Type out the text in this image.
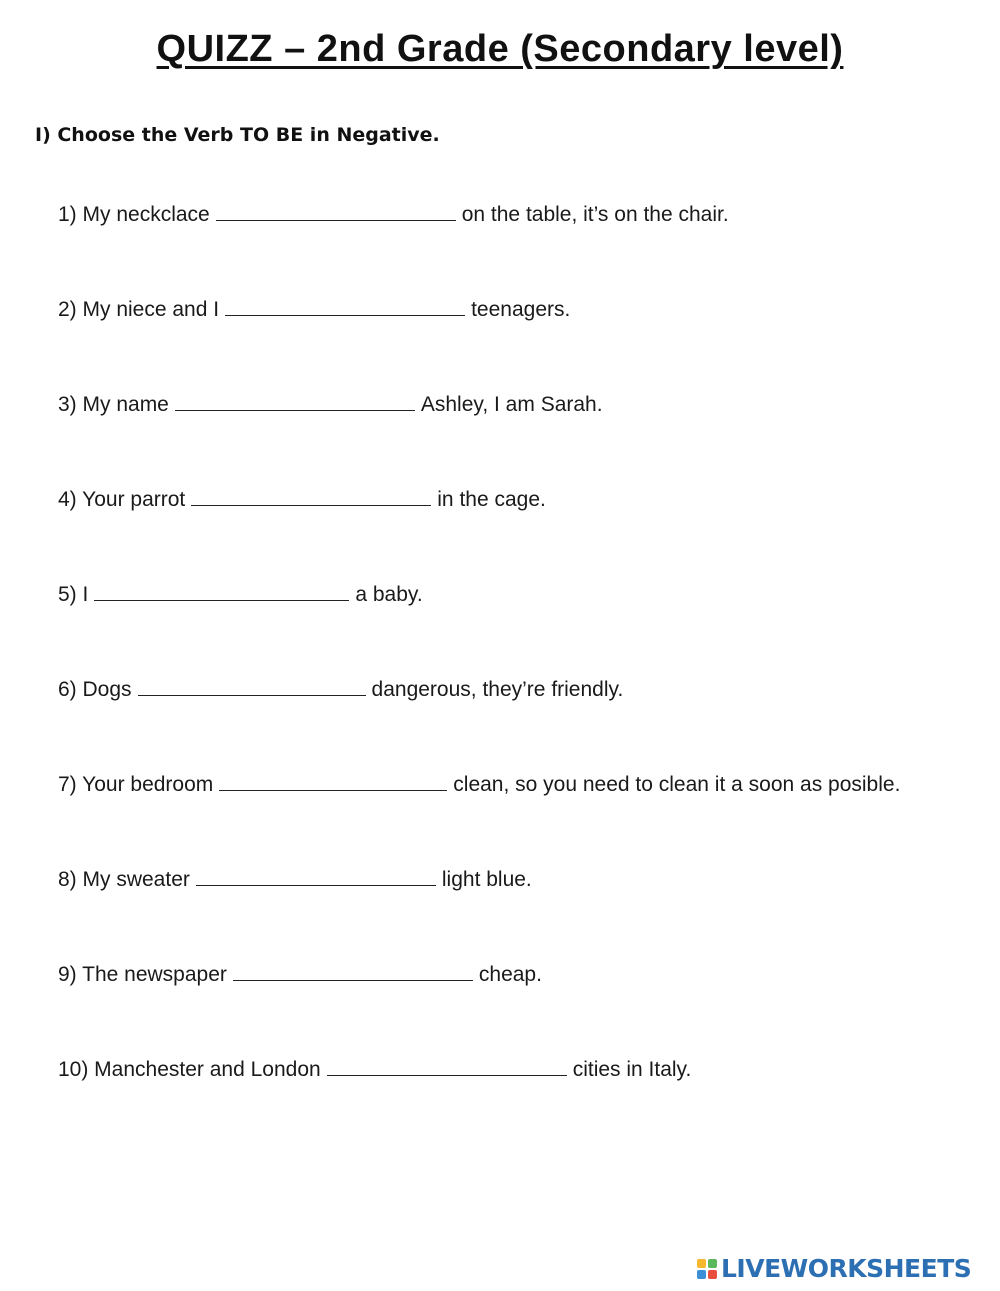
QUIZZ – 2nd Grade (Secondary level)
I) Choose the Verb TO BE in Negative.
1) My neckclace	on the table, it’s on the chair.
2) My niece and I	teenagers.
3) My name	Ashley, I am Sarah.
4) Your parrot	in the cage.
5) I	a baby.
6) Dogs	dangerous, they’re friendly.
7) Your bedroom	clean, so you need to clean it a soon as posible.
8) My sweater	light blue.
9) The newspaper	cheap.
10) Manchester and London	cities in Italy.
LIVEWORKSHEETS
